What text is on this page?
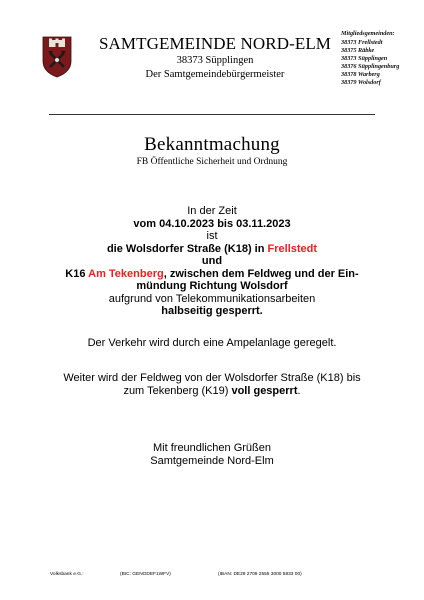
SAMTGEMEINDE NORD-ELM
38373 Süpplingen
Der Samtgemeindebürgermeister
Mitgliedsgemeinden:
38373 Frellstedt
38375 Räbke
38373 Süpplingen
38376 Süpplingenburg
38378 Warberg
38379 Wolsdorf
Bekanntmachung
FB Öffentliche Sicherheit und Ordnung
In der Zeit
vom 04.10.2023 bis 03.11.2023
ist
die Wolsdorfer Straße (K18) in Frellstedt
und
K16 Am Tekenberg, zwischen dem Feldweg und der Ein-
mündung Richtung Wolsdorf
aufgrund von Telekommunikationsarbeiten
halbseitig gesperrt.
Der Verkehr wird durch eine Ampelanlage geregelt.
Weiter wird der Feldweg von der Wolsdorfer Straße (K18) bis
zum Tekenberg (K19) voll gesperrt.
Mit freundlichen Grüßen
Samtgemeinde Nord-Elm
Volksbank e.G.:	(BIC: GENODEF1WFV)	(IBAN: DE29 2709 2555 3000 5833 00)
